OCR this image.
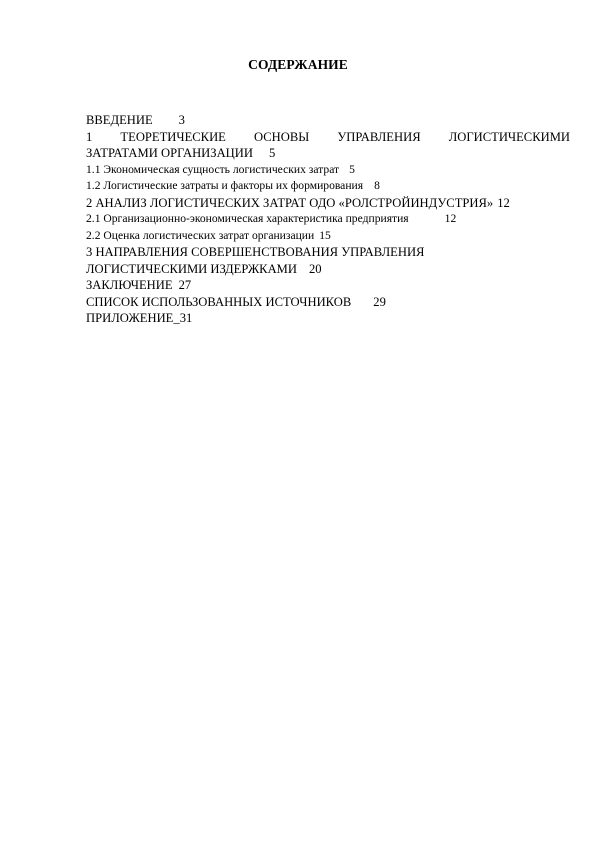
СОДЕРЖАНИЕ
ВВЕДЕНИЕ 3
1 ТЕОРЕТИЧЕСКИЕ ОСНОВЫ УПРАВЛЕНИЯ ЛОГИСТИЧЕСКИМИ
ЗАТРАТАМИ ОРГАНИЗАЦИИ 5
1.1 Экономическая сущность логистических затрат 5
1.2 Логистические затраты и факторы их формирования 8
2 АНАЛИЗ ЛОГИСТИЧЕСКИХ ЗАТРАТ ОДО «РОЛСТРОЙИНДУСТРИЯ» 12
2.1 Организационно-экономическая характеристика предприятия	12
2.2 Оценка логистических затрат организации 15
3 НАПРАВЛЕНИЯ СОВЕРШЕНСТВОВАНИЯ УПРАВЛЕНИЯ
ЛОГИСТИЧЕСКИМИ ИЗДЕРЖКАМИ 20
ЗАКЛЮЧЕНИЕ 27
СПИСОК ИСПОЛЬЗОВАННЫХ ИСТОЧНИКОВ 29
ПРИЛОЖЕНИЕ_31
